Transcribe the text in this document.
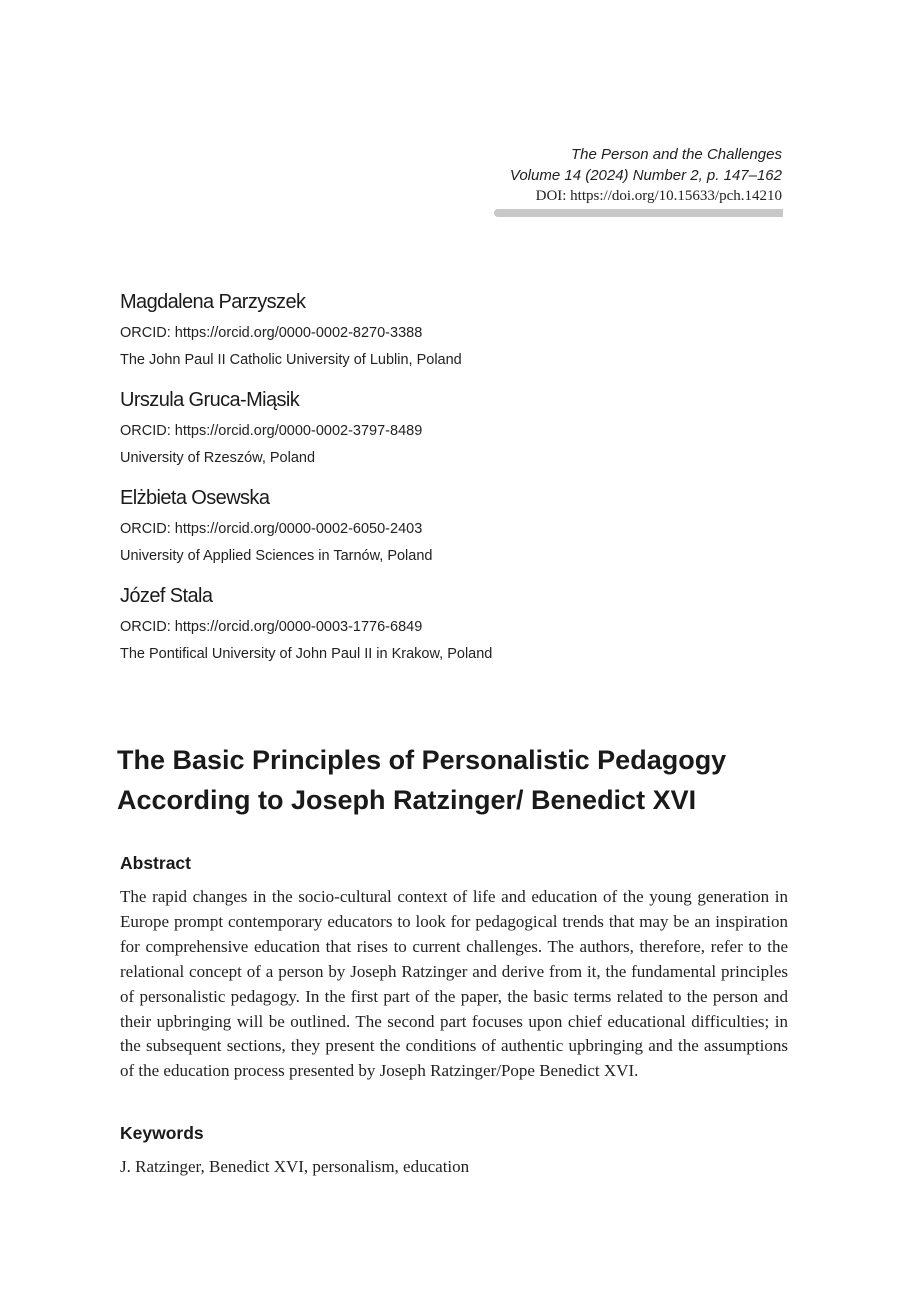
The Person and the Challenges
Volume 14 (2024) Number 2, p. 147–162
DOI: https://doi.org/10.15633/pch.14210
Magdalena Parzyszek
ORCID: https://orcid.org/0000-0002-8270-3388
The John Paul II Catholic University of Lublin, Poland
Urszula Gruca-Miąsik
ORCID: https://orcid.org/0000-0002-3797-8489
University of Rzeszów, Poland
Elżbieta Osewska
ORCID: https://orcid.org/0000-0002-6050-2403
University of Applied Sciences in Tarnów, Poland
Józef Stala
ORCID: https://orcid.org/0000-0003-1776-6849
The Pontifical University of John Paul II in Krakow, Poland
The Basic Principles of Personalistic Pedagogy
According to Joseph Ratzinger/ Benedict XVI
Abstract

The rapid changes in the socio-cultural context of life and education of the young generation in Europe prompt contemporary educators to look for pedagogical trends that may be an inspiration for comprehensive education that rises to current challenges. The authors, therefore, refer to the relational concept of a person by Joseph Ratzinger and derive from it, the fundamental principles of personalistic pedagogy. In the first part of the paper, the basic terms related to the person and their upbringing will be outlined. The second part focuses upon chief educational difficulties; in the subsequent sections, they present the conditions of authentic upbringing and the assumptions of the education process presented by Joseph Ratzinger/Pope Benedict XVI.

Keywords

J. Ratzinger, Benedict XVI, personalism, education
